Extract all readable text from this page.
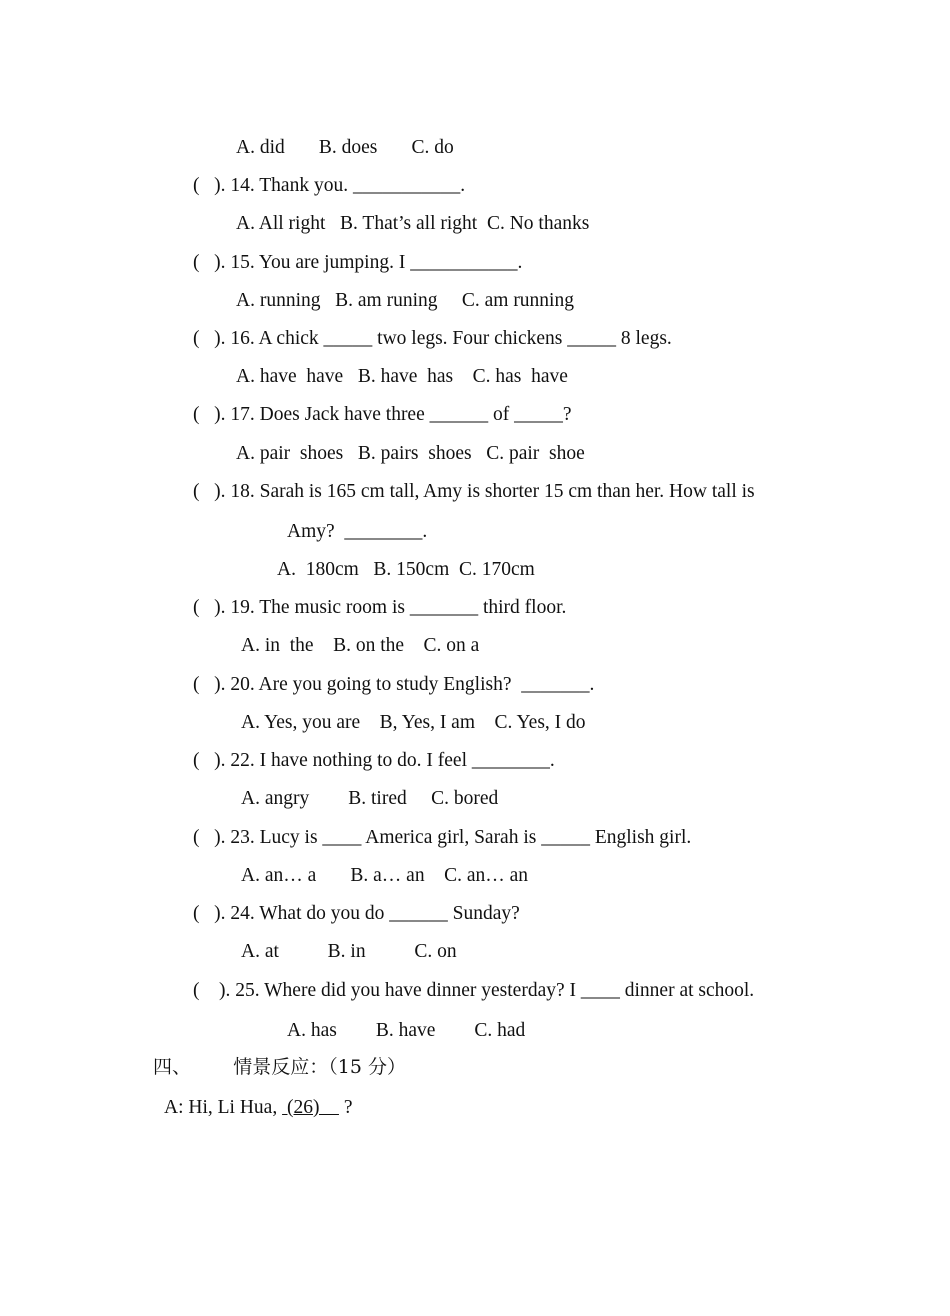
A. did       B. does       C. do
(   ). 14. Thank you. ___________.
A. All right   B. That’s all right  C. No thanks
(   ). 15. You are jumping. I ___________.
A. running   B. am runing     C. am running
(   ). 16. A chick _____ two legs. Four chickens _____ 8 legs.
A. have  have   B. have  has    C. has  have
(   ). 17. Does Jack have three ______ of _____?
A. pair  shoes   B. pairs  shoes   C. pair  shoe
(   ). 18. Sarah is 165 cm tall, Amy is shorter 15 cm than her. How tall is
Amy?  ________.
A.  180cm   B. 150cm  C. 170cm
(   ). 19. The music room is _______ third floor.
A. in  the    B. on the    C. on a
(   ). 20. Are you going to study English?  _______.
A. Yes, you are    B, Yes, I am    C. Yes, I do
(   ). 22. I have nothing to do. I feel ________.
A. angry        B. tired     C. bored
(   ). 23. Lucy is ____ America girl, Sarah is _____ English girl.
A. an… a       B. a… an    C. an… an
(   ). 24. What do you do ______ Sunday?
A. at          B. in          C. on
(    ). 25. Where did you have dinner yesterday? I ____ dinner at school.
A. has        B. have        C. had
四、       情景反应：（15 分）
A: Hi, Li Hua,  (26)     ?
